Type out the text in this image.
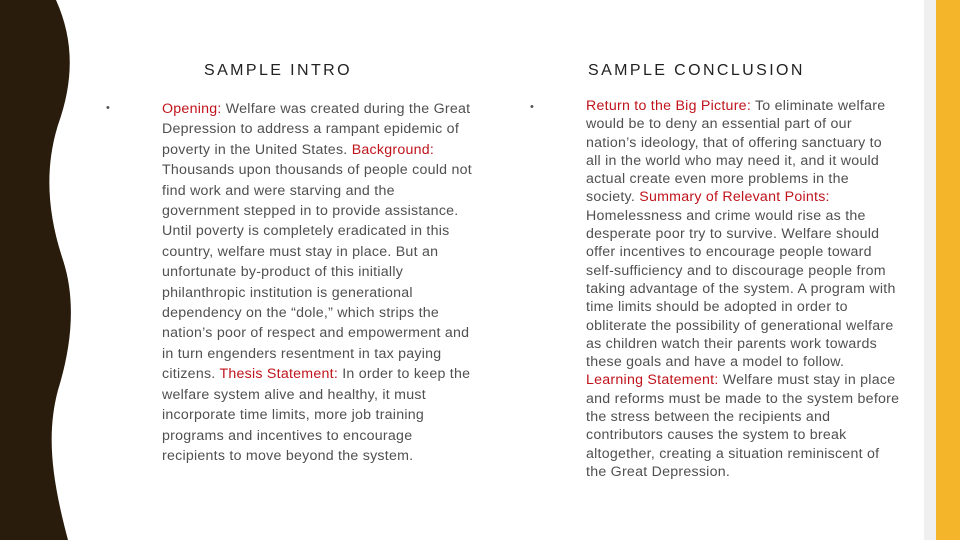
SAMPLE INTRO	SAMPLE CONCLUSION
•	•

Opening: Welfare was created during the Great Depression to address a rampant epidemic of poverty in the United States. Background: Thousands upon thousands of people could not find work and were starving and the government stepped in to provide assistance. Until poverty is completely eradicated in this country, welfare must stay in place. But an unfortunate by-product of this initially philanthropic institution is generational dependency on the “dole,” which strips the nation’s poor of respect and empowerment and in turn engenders resentment in tax paying citizens. Thesis Statement: In order to keep the welfare system alive and healthy, it must incorporate time limits, more job training programs and incentives to encourage recipients to move beyond the system.

Return to the Big Picture: To eliminate welfare would be to deny an essential part of our nation’s ideology, that of offering sanctuary to all in the world who may need it, and it would actual create even more problems in the society. Summary of Relevant Points: Homelessness and crime would rise as the desperate poor try to survive. Welfare should offer incentives to encourage people toward self-sufficiency and to discourage people from taking advantage of the system. A program with time limits should be adopted in order to obliterate the possibility of generational welfare as children watch their parents work towards these goals and have a model to follow. Learning Statement: Welfare must stay in place and reforms must be made to the system before the stress between the recipients and contributors causes the system to break altogether, creating a situation reminiscent of the Great Depression.
